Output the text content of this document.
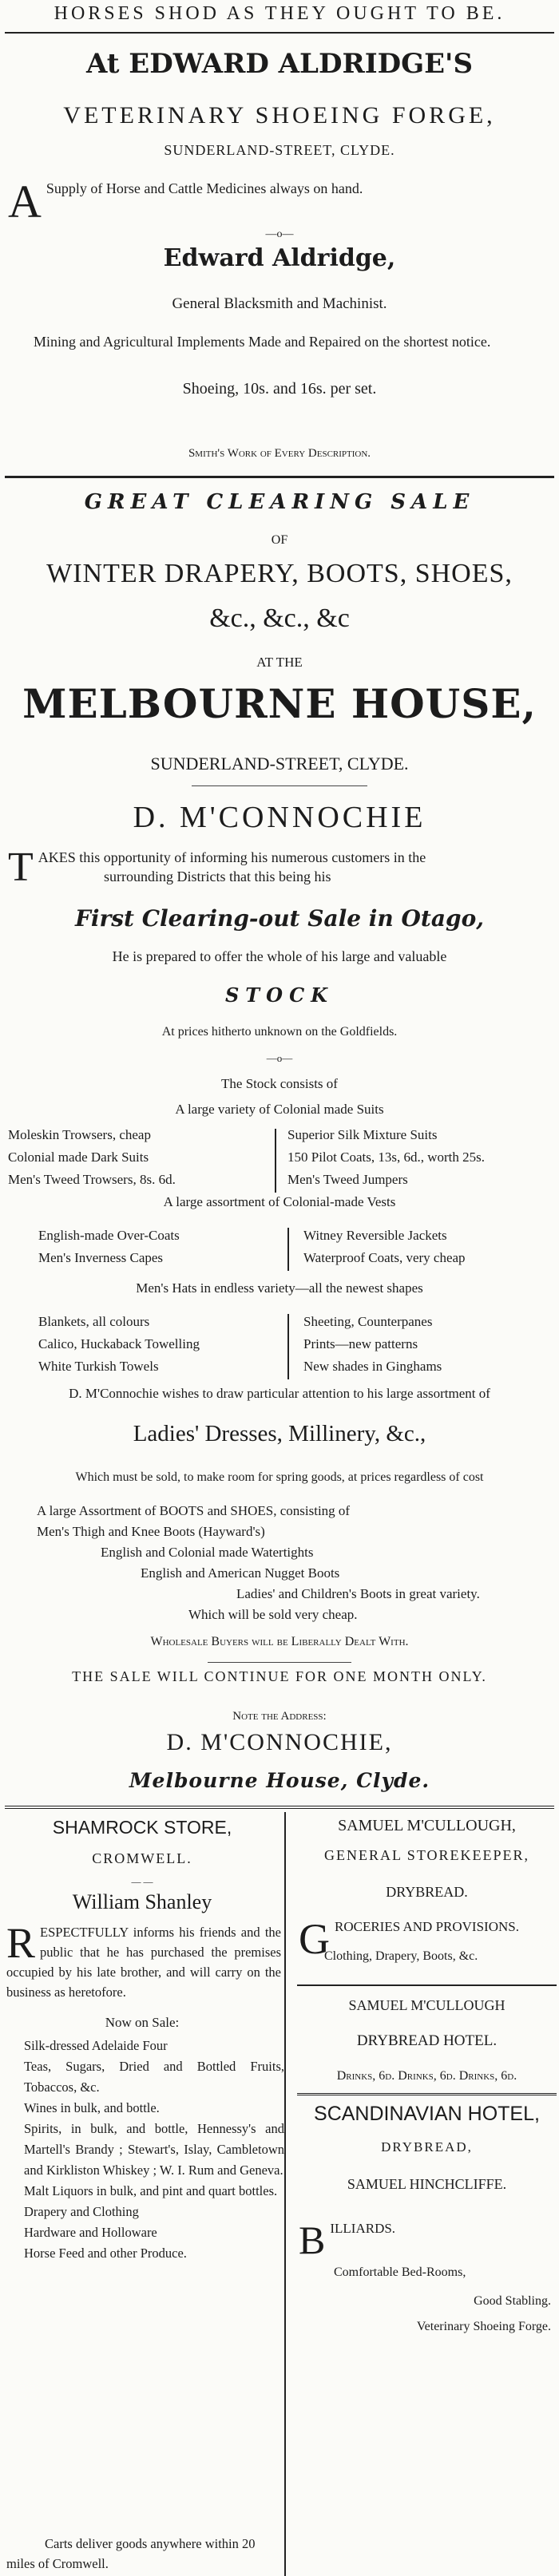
HORSES SHOD AS THEY OUGHT TO BE.
At EDWARD ALDRIDGE'S
VETERINARY SHOEING FORGE,
SUNDERLAND-STREET, CLYDE.
A Supply of Horse and Cattle Medicines always on hand.
—o—
Edward Aldridge,
General Blacksmith and Machinist.
Mining and Agricultural Implements Made and Repaired on the shortest notice.
Shoeing, 10s. and 16s. per set.
Smith's Work of Every Description.
GREAT CLEARING SALE
OF
WINTER DRAPERY, BOOTS, SHOES,
&c., &c., &c
AT THE
MELBOURNE HOUSE,
SUNDERLAND-STREET, CLYDE.
D. M'CONNOCHIE
T AKES this opportunity of informing his numerous customers in the
surrounding Districts that this being his
First Clearing-out Sale in Otago,
He is prepared to offer the whole of his large and valuable
STOCK
At prices hitherto unknown on the Goldfields.
—o—
The Stock consists of
A large variety of Colonial made Suits
Moleskin Trowsers, cheap
Colonial made Dark Suits
Men's Tweed Trowsers, 8s. 6d.
Superior Silk Mixture Suits
150 Pilot Coats, 13s, 6d., worth 25s.
Men's Tweed Jumpers
A large assortment of Colonial-made Vests
English-made Over-Coats
Men's Inverness Capes
Witney Reversible Jackets
Waterproof Coats, very cheap
Men's Hats in endless variety—all the newest shapes
Blankets, all colours
Calico, Huckaback Towelling
White Turkish Towels
Sheeting, Counterpanes
Prints—new patterns
New shades in Ginghams
D. M'Connochie wishes to draw particular attention to his large assortment of
Ladies' Dresses, Millinery, &c.,
Which must be sold, to make room for spring goods, at prices regardless of cost
A large Assortment of BOOTS and SHOES, consisting of
Men's Thigh and Knee Boots (Hayward's)
English and Colonial made Watertights
English and American Nugget Boots
Ladies' and Children's Boots in great variety.
Which will be sold very cheap.
Wholesale Buyers will be Liberally Dealt With.
THE SALE WILL CONTINUE FOR ONE MONTH ONLY.
Note the Address:
D. M'CONNOCHIE,
Melbourne House, Clyde.
SHAMROCK STORE,
CROMWELL.
— —
William Shanley
R ESPECTFULLY informs his friends and the public that he has purchased the premises occupied by his late brother, and will carry on the business as heretofore.
Now on Sale:
Silk-dressed Adelaide Four
Teas, Sugars, Dried and Bottled Fruits, Tobaccos, &c.
Wines in bulk, and bottle.
Spirits, in bulk, and bottle, Hennessy's and Martell's Brandy ; Stewart's, Islay, Cambletown and Kirkliston Whiskey ; W. I. Rum and Geneva.
Malt Liquors in bulk, and pint and quart bottles.
Drapery and Clothing
Hardware and Holloware
Horse Feed and other Produce.
Carts deliver goods anywhere within 20 miles of Cromwell.
SAMUEL M'CULLOUGH,
GENERAL STOREKEEPER,
DRYBREAD.
G ROCERIES AND PROVISIONS.
Clothing, Drapery, Boots, &c.
SAMUEL M'CULLOUGH
DRYBREAD HOTEL.
Drinks, 6d. Drinks, 6d. Drinks, 6d.
SCANDINAVIAN HOTEL,
DRYBREAD,
SAMUEL HINCHCLIFFE.
B ILLIARDS.
Comfortable Bed-Rooms,
Good Stabling.
Veterinary Shoeing Forge.
